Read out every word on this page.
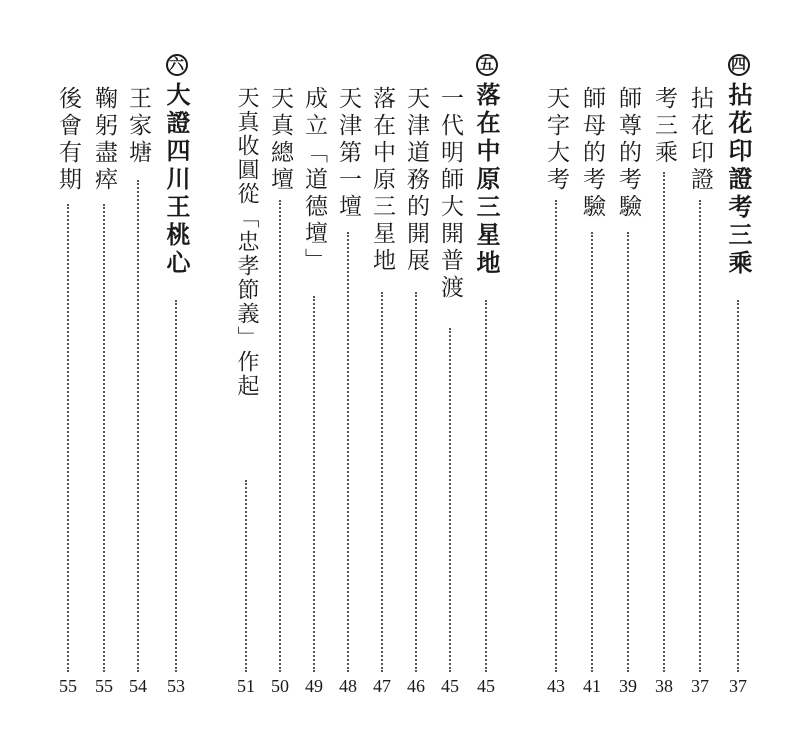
四拈花印證考三乘
37
拈花印證
37
考三乘
38
師尊的考驗
39
師母的考驗
41
天字大考
43
五落在中原三星地
45
一代明師大開普渡
45
天津道務的開展
46
落在中原三星地
47
天津第一壇
48
成立「道德壇」
49
天真總壇
50
天真收圓從「忠孝節義」作起
51
六大證四川王桃心
53
王家塘
54
鞠躬盡瘁
55
後會有期
55
